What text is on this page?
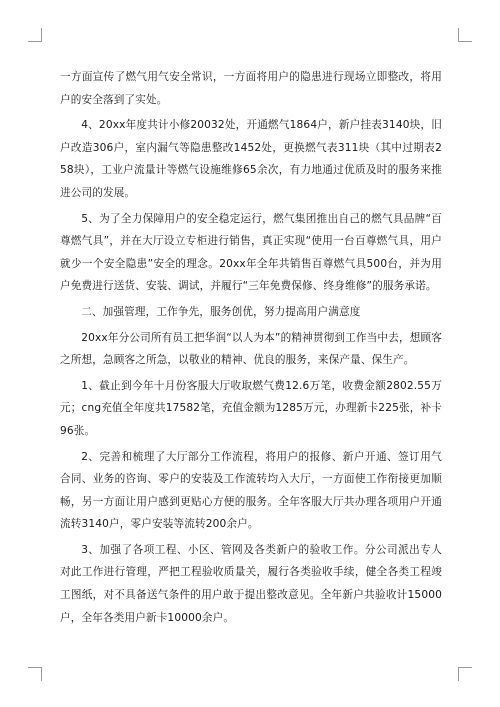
一方面宣传了燃气用气安全常识，一方面将用户的隐患进行现场立即整改，将用户的安全落到了实处。

4、20xx年度共计小修20032处，开通燃气1864户，新户挂表3140块，旧户改造306户，室内漏气等隐患整改1452处，更换燃气表311块（其中过期表258块），工业户流量计等燃气设施维修65余次，有力地通过优质及时的服务来推进公司的发展。

5、为了全力保障用户的安全稳定运行，燃气集团推出自己的燃气具品牌“百尊燃气具”，并在大厅设立专柜进行销售，真正实现“使用一台百尊燃气具，用户就少一个安全隐患”安全的理念。20xx年全年共销售百尊燃气具500台，并为用户免费进行送货、安装、调试，并履行“三年免费保修、终身维修”的服务承诺。

二、加强管理，工作争先，服务创优，努力提高用户满意度

20xx年分公司所有员工把华润“以人为本”的精神贯彻到工作当中去，想顾客之所想，急顾客之所急，以敬业的精神、优良的服务，来保产量、保生产。

1、截止到今年十月份客服大厅收取燃气费12.6万笔，收费金额2802.55万元；cng充值全年度共17582笔，充值金额为1285万元，办理新卡225张，补卡96张。

2、完善和梳理了大厅部分工作流程，将用户的报修、新户开通、签订用气合同、业务的咨询、零户的安装及工作流转均入大厅，一方面使工作衔接更加顺畅，另一方面让用户感到更贴心方便的服务。全年客服大厅共办理各项用户开通流转3140户，零户安装等流转200余户。

3、加强了各项工程、小区、管网及各类新户的验收工作。分公司派出专人对此工作进行管理，严把工程验收质量关，履行各类验收手续，健全各类工程竣工图纸，对不具备送气条件的用户敢于提出整改意见。全年新户共验收计15000户，全年各类用户新卡10000余户。
